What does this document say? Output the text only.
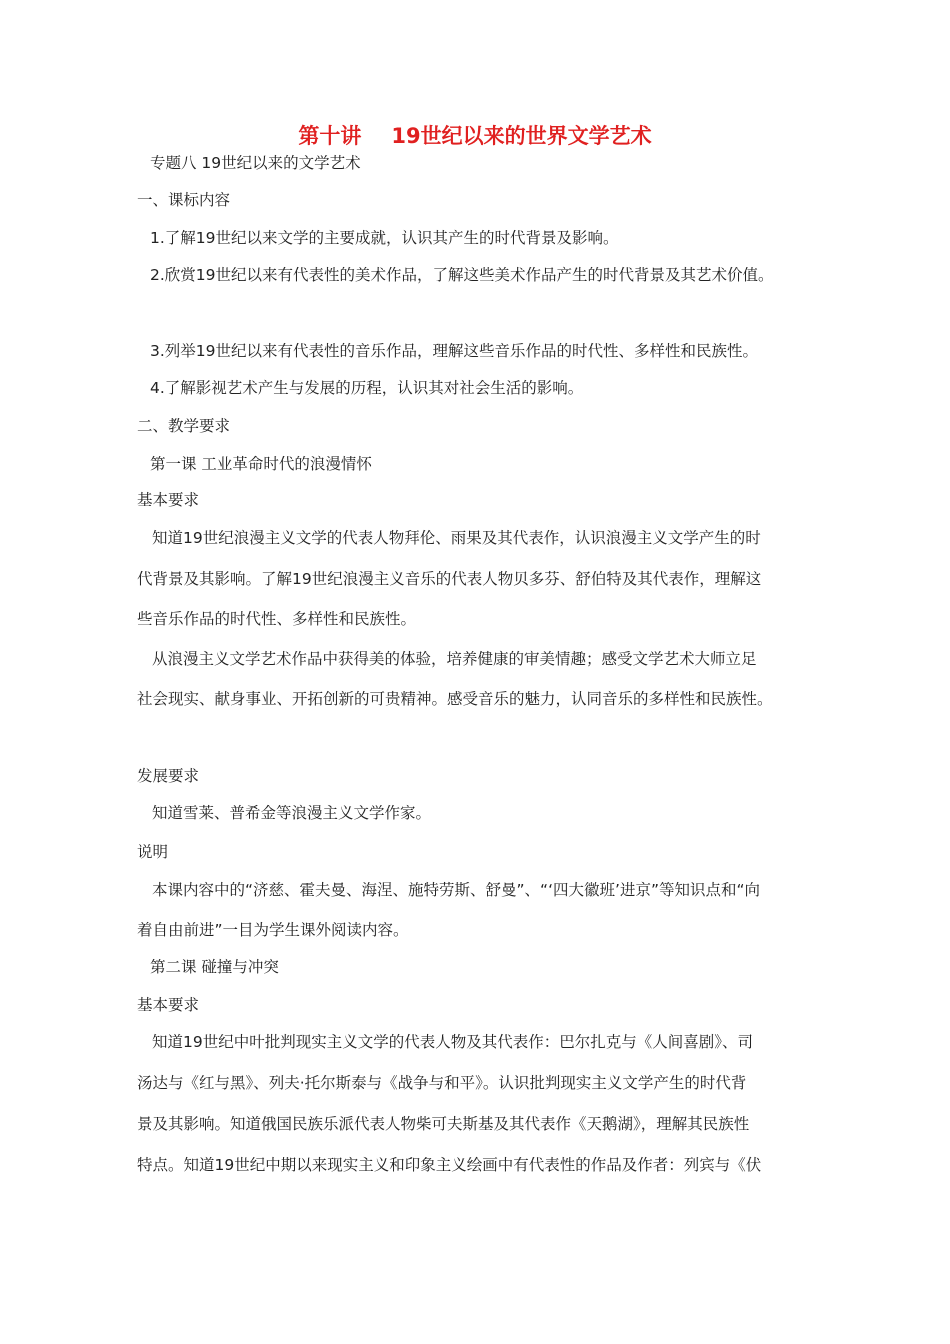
第十讲 19世纪以来的世界文学艺术

专题八 19世纪以来的文学艺术

一、课标内容

1.了解19世纪以来文学的主要成就，认识其产生的时代背景及影响。

2.欣赏19世纪以来有代表性的美术作品，了解这些美术作品产生的时代背景及其艺术价值。

3.列举19世纪以来有代表性的音乐作品，理解这些音乐作品的时代性、多样性和民族性。

4.了解影视艺术产生与发展的历程，认识其对社会生活的影响。

二、教学要求

第一课 工业革命时代的浪漫情怀

基本要求

知道19世纪浪漫主义文学的代表人物拜伦、雨果及其代表作，认识浪漫主义文学产生的时

代背景及其影响。了解19世纪浪漫主义音乐的代表人物贝多芬、舒伯特及其代表作，理解这

些音乐作品的时代性、多样性和民族性。

从浪漫主义文学艺术作品中获得美的体验，培养健康的审美情趣；感受文学艺术大师立足

社会现实、献身事业、开拓创新的可贵精神。感受音乐的魅力，认同音乐的多样性和民族性。

发展要求

知道雪莱、普希金等浪漫主义文学作家。

说明

本课内容中的“济慈、霍夫曼、海涅、施特劳斯、舒曼”、“‘四大徽班’进京”等知识点和“向

着自由前进”一目为学生课外阅读内容。

第二课 碰撞与冲突

基本要求

知道19世纪中叶批判现实主义文学的代表人物及其代表作：巴尔扎克与《人间喜剧》、司

汤达与《红与黑》、列夫·托尔斯泰与《战争与和平》。认识批判现实主义文学产生的时代背

景及其影响。知道俄国民族乐派代表人物柴可夫斯基及其代表作《天鹅湖》，理解其民族性

特点。知道19世纪中期以来现实主义和印象主义绘画中有代表性的作品及作者：列宾与《伏
